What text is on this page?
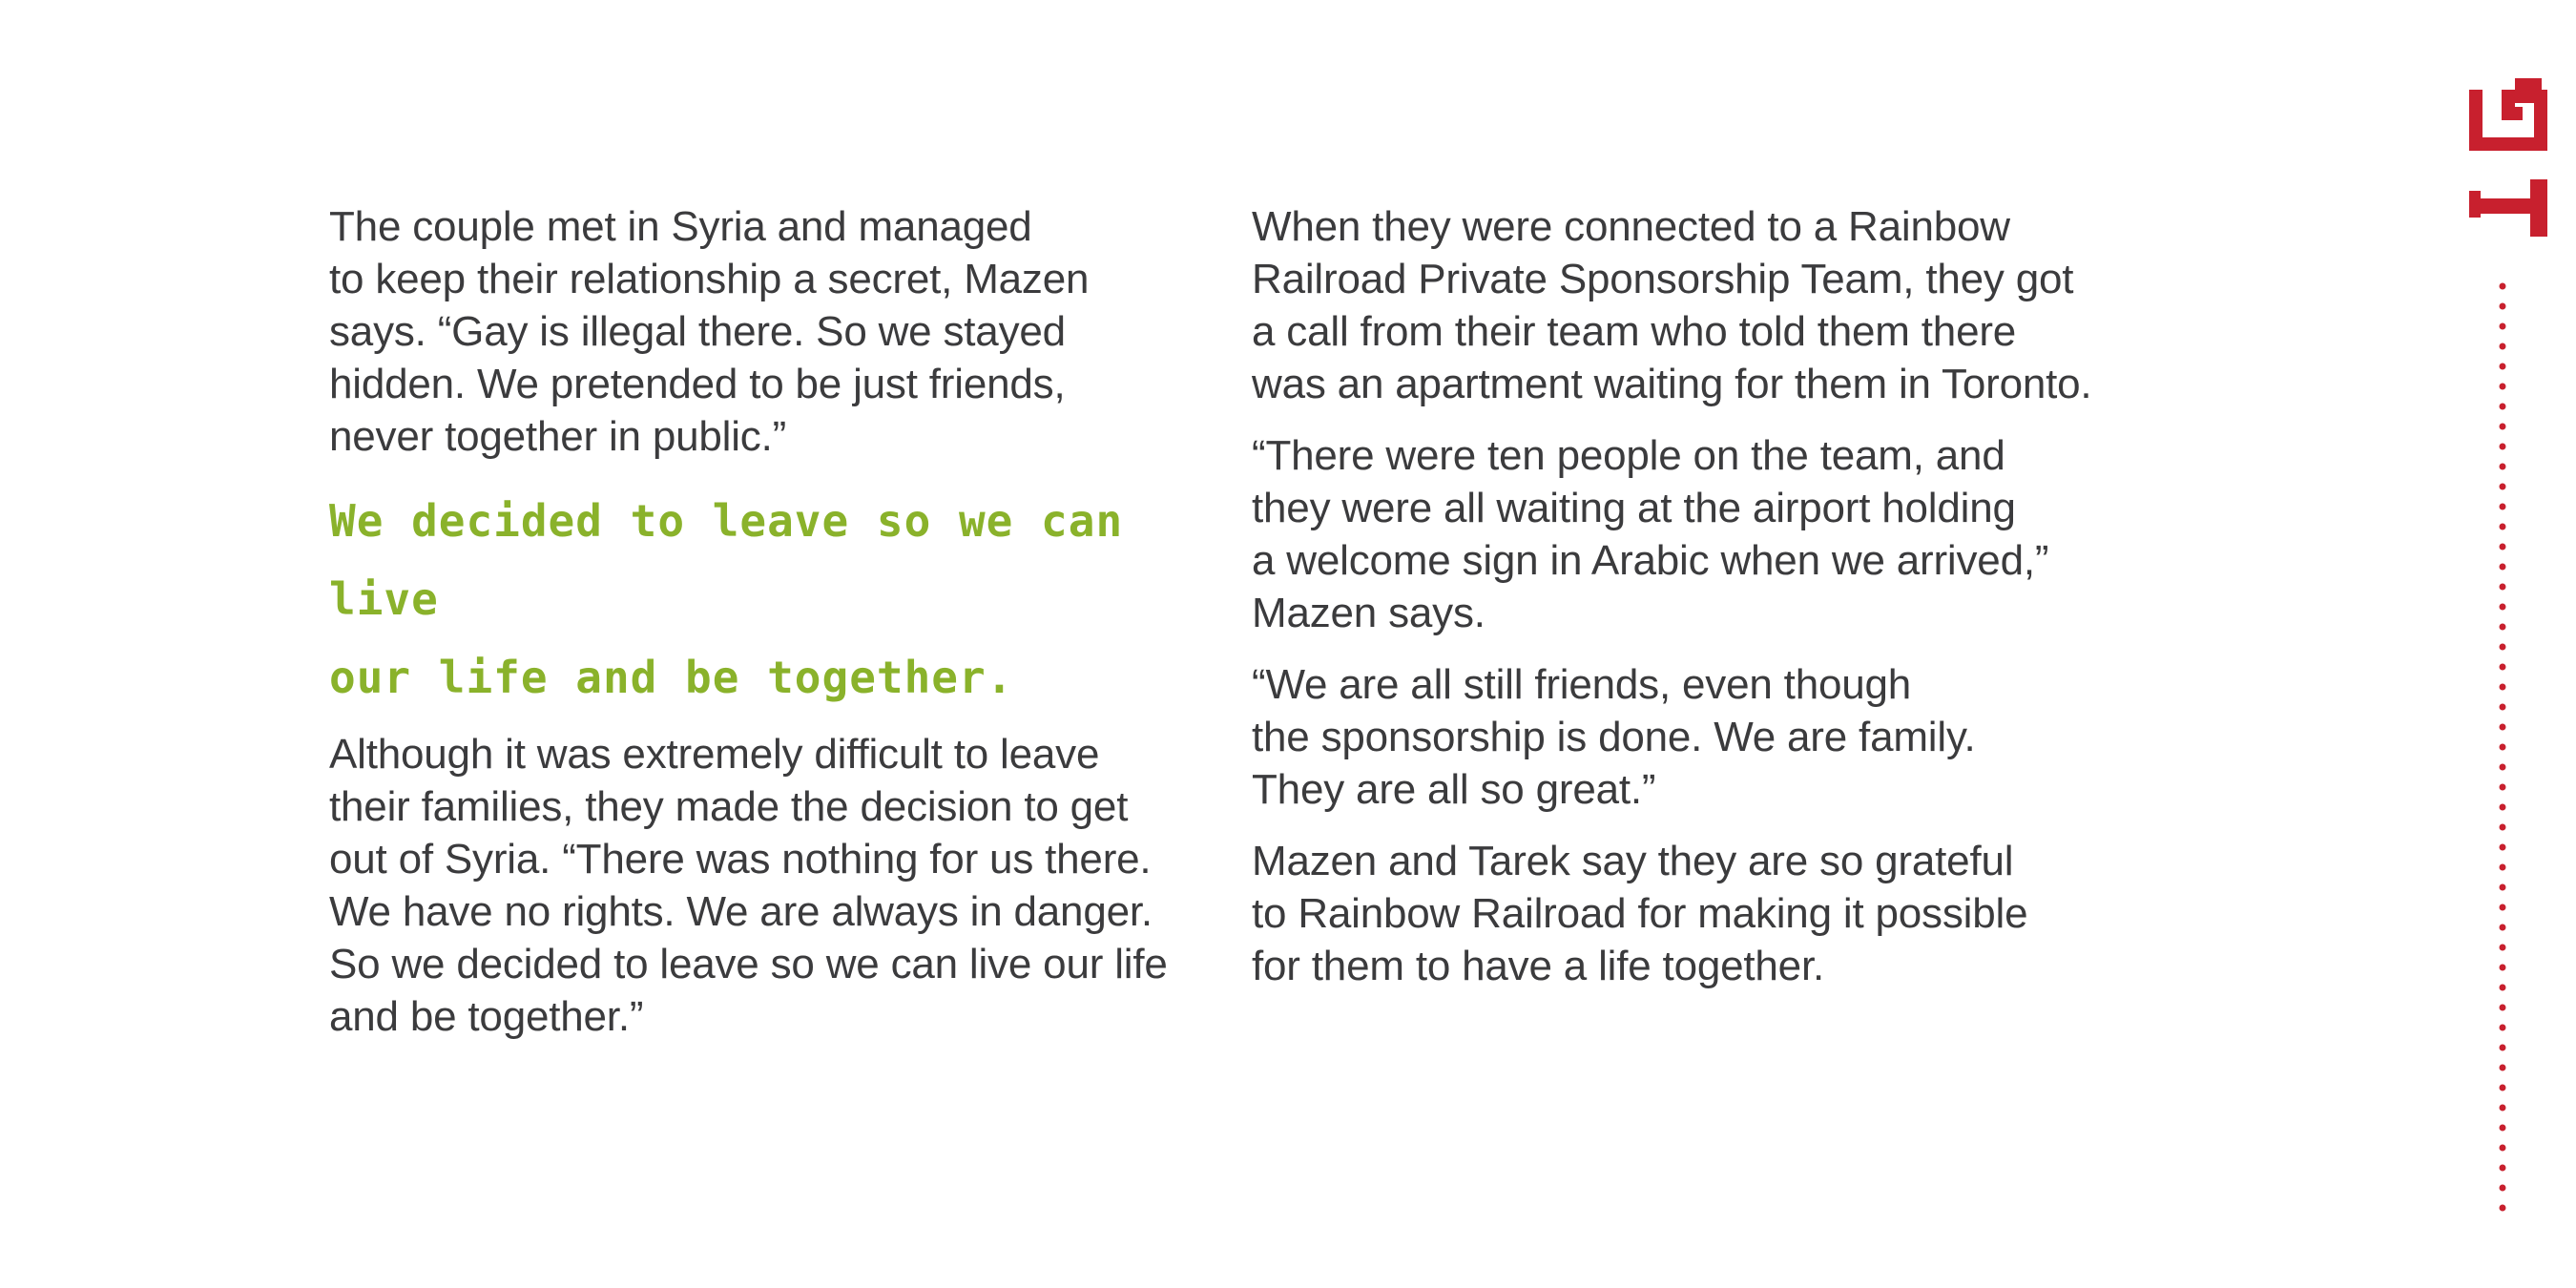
The couple met in Syria and managed
to keep their relationship a secret, Mazen
says. “Gay is illegal there. So we stayed
hidden. We pretended to be just friends,
never together in public.”

We decided to leave so we can live
our life and be together.

Although it was extremely difficult to leave
their families, they made the decision to get
out of Syria. “There was nothing for us there.
We have no rights. We are always in danger.
So we decided to leave so we can live our life
and be together.”

When they were connected to a Rainbow
Railroad Private Sponsorship Team, they got
a call from their team who told them there
was an apartment waiting for them in Toronto.

“There were ten people on the team, and
they were all waiting at the airport holding
a welcome sign in Arabic when we arrived,”
Mazen says.

“We are all still friends, even though
the sponsorship is done. We are family.
They are all so great.”

Mazen and Tarek say they are so grateful
to Rainbow Railroad for making it possible
for them to have a life together.
